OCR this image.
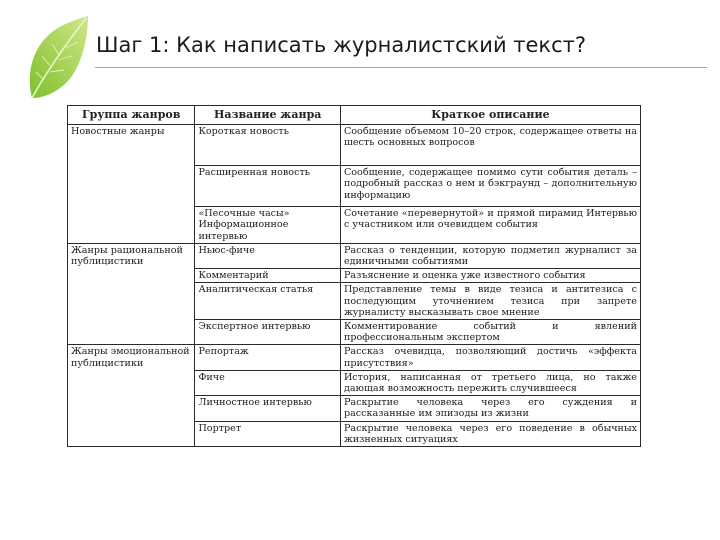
Шаг 1: Как написать журналистский текст?
Группа жанров	Название жанра	Краткое описание
Новостные жанры	Короткая новость	Сообщение объемом 10–20 строк, содержащее ответы на шесть основных вопросов
	Расширенная новость	Сообщение, содержащее помимо сути события деталь – подробный рассказ о нем и бэкграунд – дополнительную информацию
	«Песочные часы» Информационное интервью	Сочетание «перевернутой» и прямой пирамид Интервью с участником или очевидцем события
Жанры рациональной публицистики	Ньюс-фиче	Рассказ о тенденции, которую подметил журналист за единичными событиями
	Комментарий	Разъяснение и оценка уже известного события
	Аналитическая статья	Представление темы в виде тезиса и антитезиса с последующим уточнением тезиса при запрете журналисту высказывать свое мнение
	Экспертное интервью	Комментирование событий и явлений профессиональным экспертом
Жанры эмоциональной публицистики	Репортаж	Рассказ очевидца, позволяющий достичь «эффекта присутствия»
	Фиче	История, написанная от третьего лица, но также дающая возможность пережить случившееся
	Личностное интервью	Раскрытие человека через его суждения и рассказанные им эпизоды из жизни
	Портрет	Раскрытие человека через его поведение в обычных жизненных ситуациях
